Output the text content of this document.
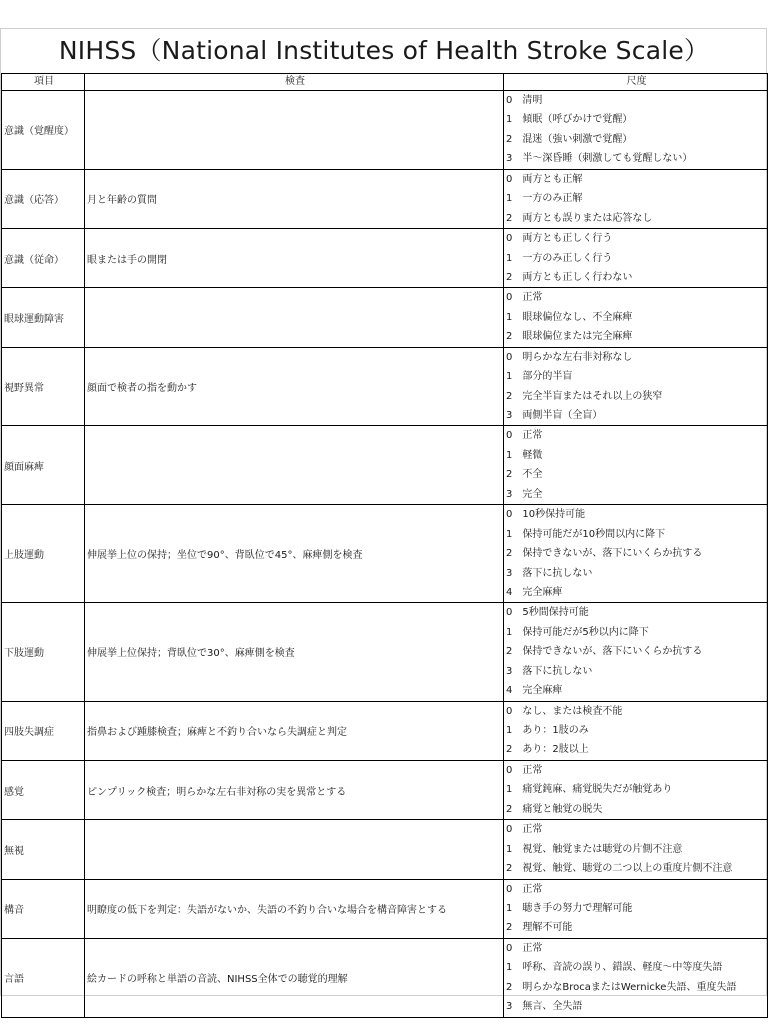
NIHSS（National Institutes of Health Stroke Scale）
項目	検査	尺度
意識（覚醒度）		0　清明
1　傾眠（呼びかけで覚醒）
2　混迷（強い刺激で覚醒）
3　半～深昏睡（刺激しても覚醒しない）

意識（応答）	月と年齢の質問	0　両方とも正解
1　一方のみ正解
2　両方とも誤りまたは応答なし

意識（従命）	眼または手の開閉	0　両方とも正しく行う
1　一方のみ正しく行う
2　両方とも正しく行わない

眼球運動障害		0　正常
1　眼球偏位なし、不全麻痺
2　眼球偏位または完全麻痺

視野異常	顔面で検者の指を動かす	0　明らかな左右非対称なし
1　部分的半盲
2　完全半盲またはそれ以上の狭窄
3　両側半盲（全盲）

顔面麻痺		0　正常
1　軽微
2　不全
3　完全

上肢運動	伸展挙上位の保持；坐位で90°、背臥位で45°、麻痺側を検査	0　10秒保持可能
1　保持可能だが10秒間以内に降下
2　保持できないが、落下にいくらか抗する
3　落下に抗しない
4　完全麻痺

下肢運動	伸展挙上位保持；背臥位で30°、麻痺側を検査	0　5秒間保持可能
1　保持可能だが5秒以内に降下
2　保持できないが、落下にいくらか抗する
3　落下に抗しない
4　完全麻痺

四肢失調症	指鼻および踵膝検査；麻痺と不釣り合いなら失調症と判定	0　なし、または検査不能
1　あり：1肢のみ
2　あり：2肢以上

感覚	ピンプリック検査；明らかな左右非対称の実を異常とする	0　正常
1　痛覚鈍麻、痛覚脱失だが触覚あり
2　痛覚と触覚の脱失

無視		0　正常
1　視覚、触覚または聴覚の片側不注意
2　視覚、触覚、聴覚の二つ以上の重度片側不注意

構音	明瞭度の低下を判定：失語がないか、失語の不釣り合いな場合を構音障害とする	0　正常
1　聴き手の努力で理解可能
2　理解不可能

言語	絵カードの呼称と単語の音読、NIHSS全体での聴覚的理解	0　正常
1　呼称、音読の誤り、錯誤、軽度～中等度失語
2　明らかなBrocaまたはWernicke失語、重度失語
3　無言、全失語
